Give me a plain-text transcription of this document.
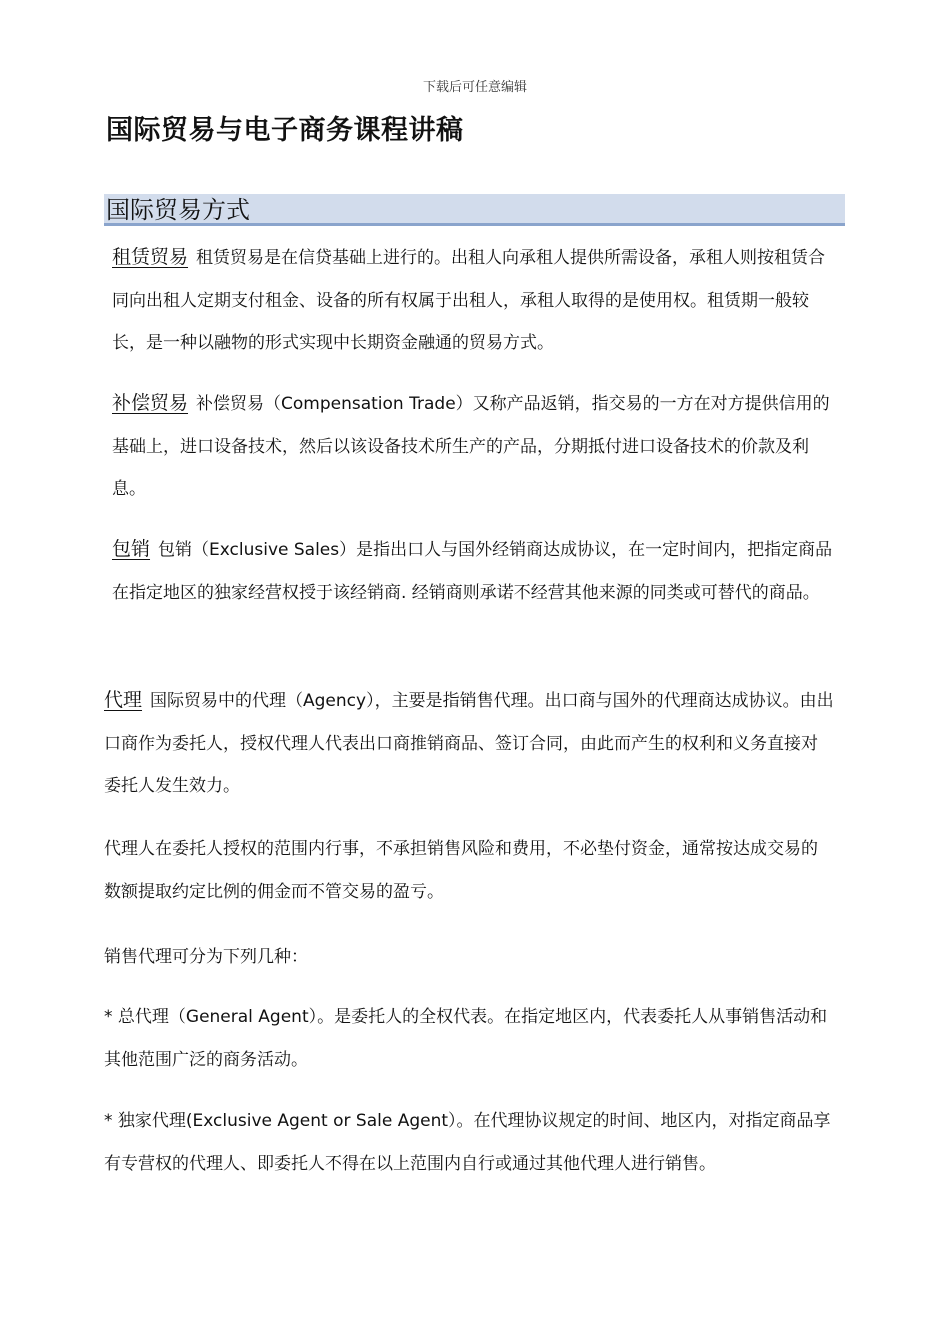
下载后可任意编辑
国际贸易与电子商务课程讲稿
国际贸易方式

租赁贸易 租赁贸易是在信贷基础上进行的。出租人向承租人提供所需设备，承租人则按租赁合同向出租人定期支付租金、设备的所有权属于出租人，承租人取得的是使用权。租赁期一般较长，是一种以融物的形式实现中长期资金融通的贸易方式。

补偿贸易 补偿贸易（Compensation Trade）又称产品返销，指交易的一方在对方提供信用的基础上，进口设备技术，然后以该设备技术所生产的产品，分期抵付进口设备技术的价款及利息。

包销 包销（Exclusive Sales）是指出口人与国外经销商达成协议，在一定时间内，把指定商品在指定地区的独家经营权授于该经销商. 经销商则承诺不经营其他来源的同类或可替代的商品。

代理 国际贸易中的代理（Agency），主要是指销售代理。出口商与国外的代理商达成协议。由出口商作为委托人，授权代理人代表出口商推销商品、签订合同，由此而产生的权利和义务直接对委托人发生效力。

代理人在委托人授权的范围内行事，不承担销售风险和费用，不必垫付资金，通常按达成交易的数额提取约定比例的佣金而不管交易的盈亏。

销售代理可分为下列几种：

* 总代理（General Agent）。是委托人的全权代表。在指定地区内，代表委托人从事销售活动和其他范围广泛的商务活动。

* 独家代理(Exclusive Agent or Sale Agent）。在代理协议规定的时间、地区内，对指定商品享有专营权的代理人、即委托人不得在以上范围内自行或通过其他代理人进行销售。
